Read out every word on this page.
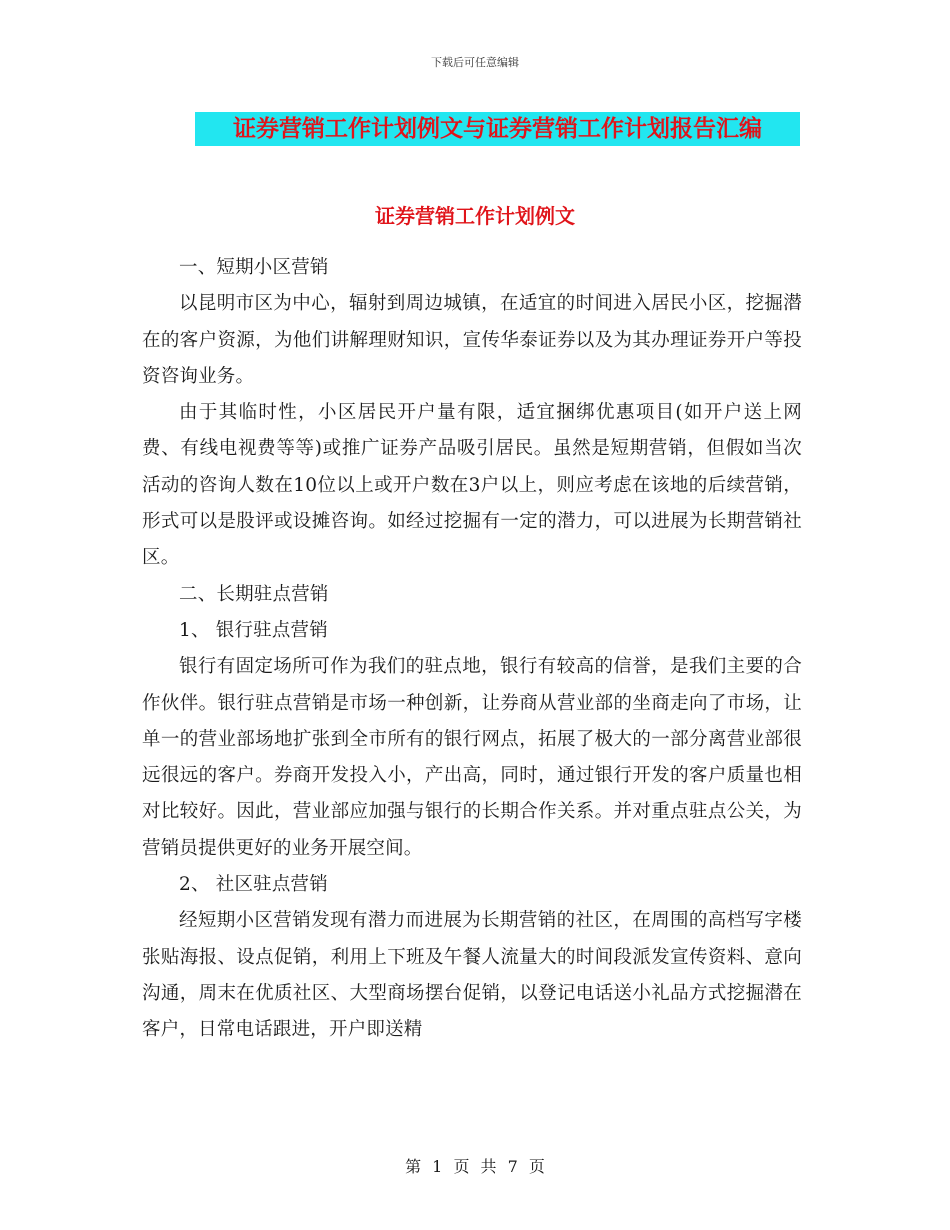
下载后可任意编辑
证券营销工作计划例文与证券营销工作计划报告汇编
证券营销工作计划例文

一、短期小区营销

以昆明市区为中心，辐射到周边城镇，在适宜的时间进入居民小区，挖掘潜在的客户资源，为他们讲解理财知识，宣传华泰证券以及为其办理证券开户等投资咨询业务。

由于其临时性，小区居民开户量有限，适宜捆绑优惠项目(如开户送上网费、有线电视费等等)或推广证券产品吸引居民。虽然是短期营销，但假如当次活动的咨询人数在10位以上或开户数在3户以上，则应考虑在该地的后续营销，形式可以是股评或设摊咨询。如经过挖掘有一定的潜力，可以进展为长期营销社区。

二、长期驻点营销

1、 银行驻点营销

银行有固定场所可作为我们的驻点地，银行有较高的信誉，是我们主要的合作伙伴。银行驻点营销是市场一种创新，让券商从营业部的坐商走向了市场，让单一的营业部场地扩张到全市所有的银行网点，拓展了极大的一部分离营业部很远很远的客户。券商开发投入小，产出高，同时，通过银行开发的客户质量也相对比较好。因此，营业部应加强与银行的长期合作关系。并对重点驻点公关，为营销员提供更好的业务开展空间。

2、 社区驻点营销

经短期小区营销发现有潜力而进展为长期营销的社区，在周围的高档写字楼张贴海报、设点促销，利用上下班及午餐人流量大的时间段派发宣传资料、意向沟通，周末在优质社区、大型商场摆台促销，以登记电话送小礼品方式挖掘潜在客户，日常电话跟进，开户即送精

第 1 页 共 7 页
